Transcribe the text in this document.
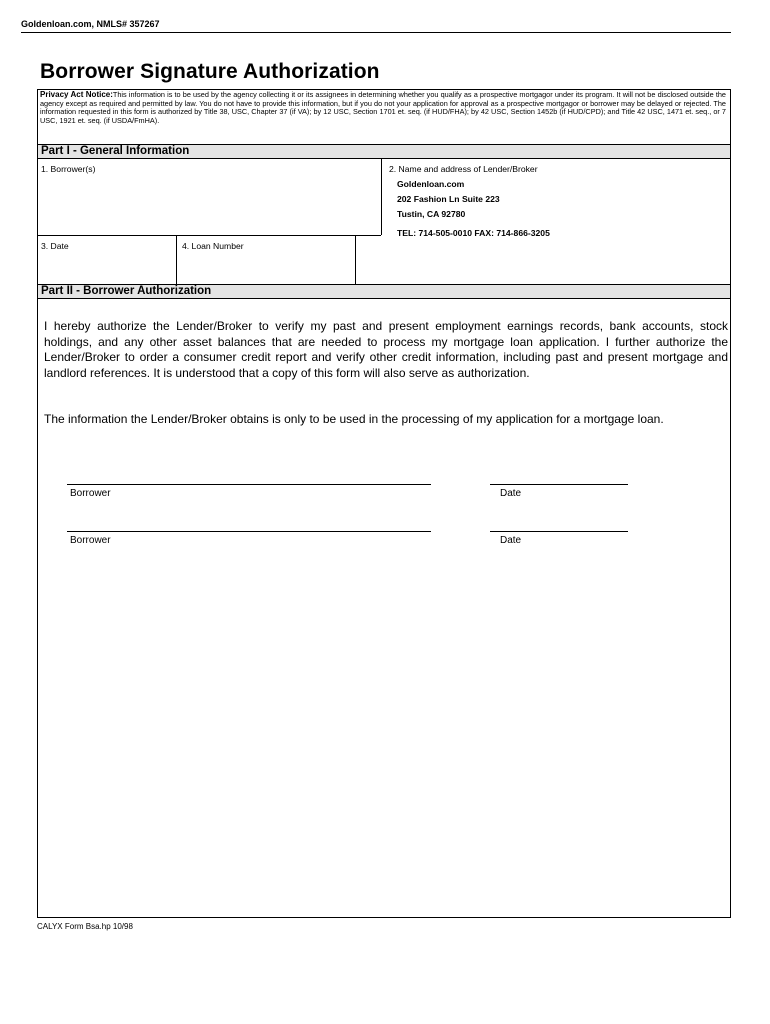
Goldenloan.com, NMLS# 357267
Borrower Signature Authorization
Privacy Act Notice:This information is to be used by the agency collecting it or its assignees in determining whether you qualify as a prospective mortgagor under its program. It will not be disclosed outside the agency except as required and permitted by law. You do not have to provide this information, but if you do not your application for approval as a prospective mortgagor or borrower may be delayed or rejected. The information requested in this form is authorized by Title 38, USC, Chapter 37 (if VA); by 12 USC, Section 1701 et. seq. (if HUD/FHA); by 42 USC, Section 1452b (if HUD/CPD); and Title 42 USC, 1471 et. seq., or 7 USC, 1921 et. seq. (if USDA/FmHA).
Part I - General Information
1. Borrower(s)	2. Name and address of Lender/Broker
Goldenloan.com
202 Fashion Ln Suite 223
Tustin, CA 92780
TEL: 714-505-0010 FAX: 714-866-3205
3. Date	4. Loan Number
Part II - Borrower Authorization
I hereby authorize the Lender/Broker to verify my past and present employment earnings records, bank accounts, stock holdings, and any other asset balances that are needed to process my mortgage loan application. I further authorize the Lender/Broker to order a consumer credit report and verify other credit information, including past and present mortgage and landlord references. It is understood that a copy of this form will also serve as authorization.
The information the Lender/Broker obtains is only to be used in the processing of my application for a mortgage loan.
Borrower	Date
Borrower	Date
CALYX Form Bsa.hp 10/98
